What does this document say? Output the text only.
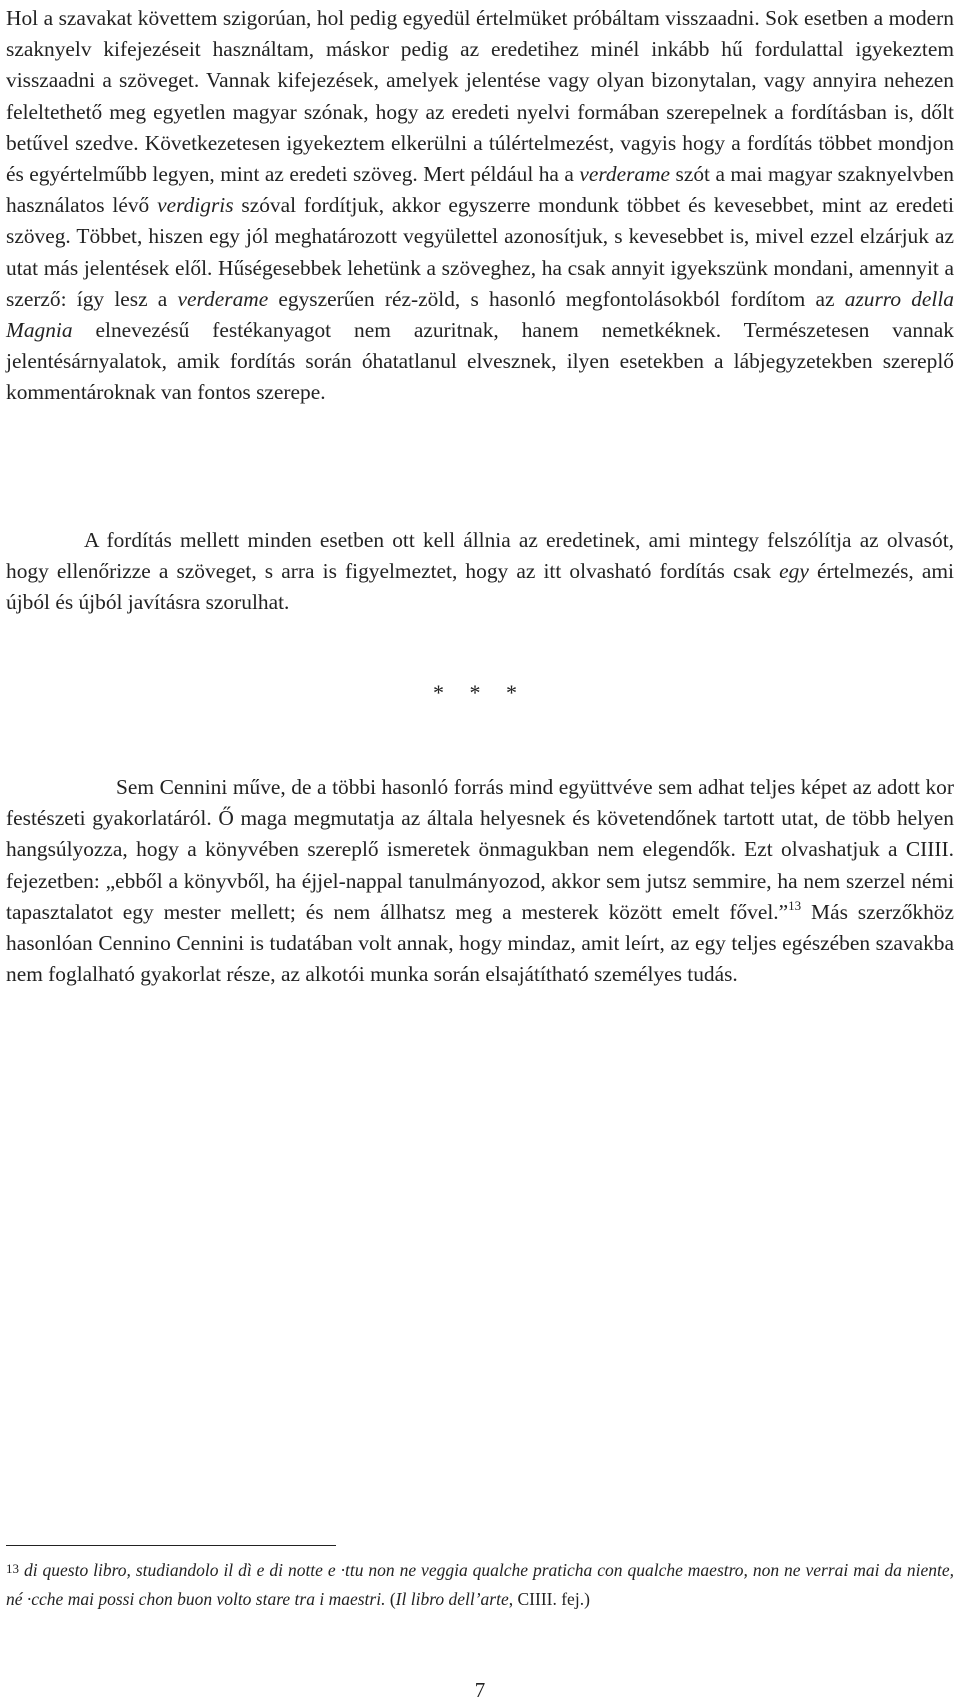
Hol a szavakat követtem szigorúan, hol pedig egyedül értelmüket próbáltam visszaadni. Sok esetben a modern szaknyelv kifejezéseit használtam, máskor pedig az eredetihez minél inkább hű fordulattal igyekeztem visszaadni a szöveget. Vannak kifejezések, amelyek jelentése vagy olyan bizonytalan, vagy annyira nehezen feleltethető meg egyetlen magyar szónak, hogy az eredeti nyelvi formában szerepelnek a fordításban is, dőlt betűvel szedve. Következetesen igyekeztem elkerülni a túlértelmezést, vagyis hogy a fordítás többet mondjon és egyértelműbb legyen, mint az eredeti szöveg. Mert például ha a verderame szót a mai magyar szaknyelvben használatos lévő verdigris szóval fordítjuk, akkor egyszerre mondunk többet és kevesebbet, mint az eredeti szöveg. Többet, hiszen egy jól meghatározott vegyülettel azonosítjuk, s kevesebbet is, mivel ezzel elzárjuk az utat más jelentések elől. Hűségesebbek lehetünk a szöveghez, ha csak annyit igyekszünk mondani, amennyit a szerző: így lesz a verderame egyszerűen réz-zöld, s hasonló megfontolásokból fordítom az azurro della Magnia elnevezésű festékanyagot nem azuritnak, hanem nemetkéknek. Természetesen vannak jelentésárnyalatok, amik fordítás során óhatatlanul elvesznek, ilyen esetekben a lábjegyzetekben szereplő kommentároknak van fontos szerepe.

A fordítás mellett minden esetben ott kell állnia az eredetinek, ami mintegy felszólítja az olvasót, hogy ellenőrizze a szöveget, s arra is figyelmeztet, hogy az itt olvasható fordítás csak egy értelmezés, ami újból és újból javításra szorulhat.

* * *

Sem Cennini műve, de a többi hasonló forrás mind együttvéve sem adhat teljes képet az adott kor festészeti gyakorlatáról. Ő maga megmutatja az általa helyesnek és követendőnek tartott utat, de több helyen hangsúlyozza, hogy a könyvében szereplő ismeretek önmagukban nem elegendők. Ezt olvashatjuk a CIIII. fejezetben: „ebből a könyvből, ha éjjel-nappal tanulmányozod, akkor sem jutsz semmire, ha nem szerzel némi tapasztalatot egy mester mellett; és nem állhatsz meg a mesterek között emelt fővel.”$^{13}$ Más szerzőkhöz hasonlóan Cennino Cennini is tudatában volt annak, hogy mindaz, amit leírt, az egy teljes egészében szavakba nem foglalható gyakorlat része, az alkotói munka során elsajátítható személyes tudás.

13 di questo libro, studiandolo il dì e di notte e ·ttu non ne veggia qualche praticha con qualche maestro, non ne verrai mai da niente, né ·cche mai possi chon buon volto stare tra i maestri. (Il libro dell’arte, CIIII. fej.)

7
